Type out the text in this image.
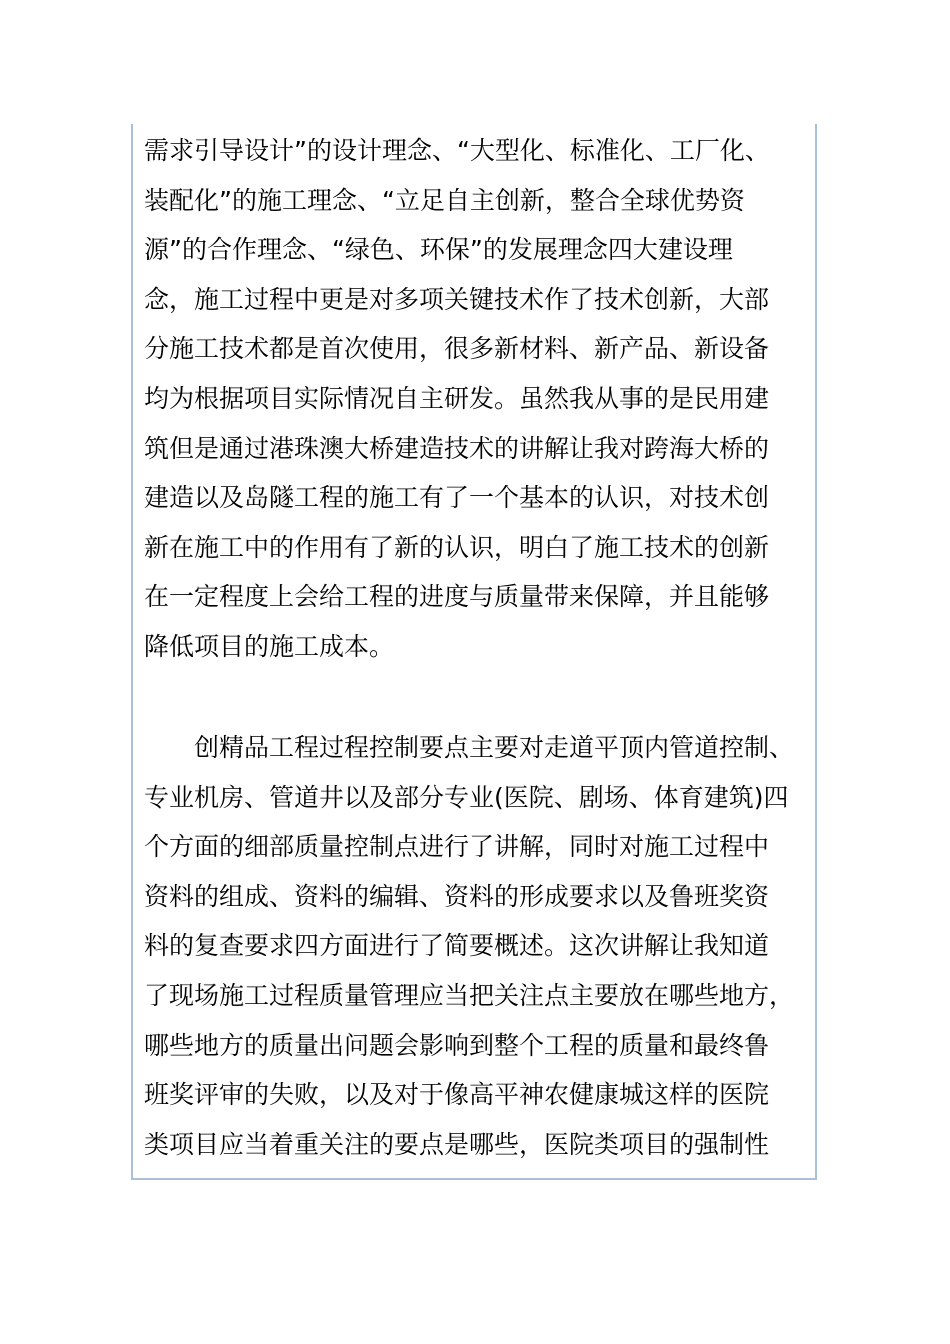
需求引导设计”的设计理念、“大型化、标准化、工厂化、
装配化”的施工理念、“立足自主创新，整合全球优势资
源”的合作理念、“绿色、环保”的发展理念四大建设理
念，施工过程中更是对多项关键技术作了技术创新，大部
分施工技术都是首次使用，很多新材料、新产品、新设备
均为根据项目实际情况自主研发。虽然我从事的是民用建
筑但是通过港珠澳大桥建造技术的讲解让我对跨海大桥的
建造以及岛隧工程的施工有了一个基本的认识，对技术创
新在施工中的作用有了新的认识，明白了施工技术的创新
在一定程度上会给工程的进度与质量带来保障，并且能够
降低项目的施工成本。
创精品工程过程控制要点主要对走道平顶内管道控制、
专业机房、管道井以及部分专业(医院、剧场、体育建筑)四
个方面的细部质量控制点进行了讲解，同时对施工过程中
资料的组成、资料的编辑、资料的形成要求以及鲁班奖资
料的复查要求四方面进行了简要概述。这次讲解让我知道
了现场施工过程质量管理应当把关注点主要放在哪些地方，
哪些地方的质量出问题会影响到整个工程的质量和最终鲁
班奖评审的失败，以及对于像高平神农健康城这样的医院
类项目应当着重关注的要点是哪些，医院类项目的强制性
